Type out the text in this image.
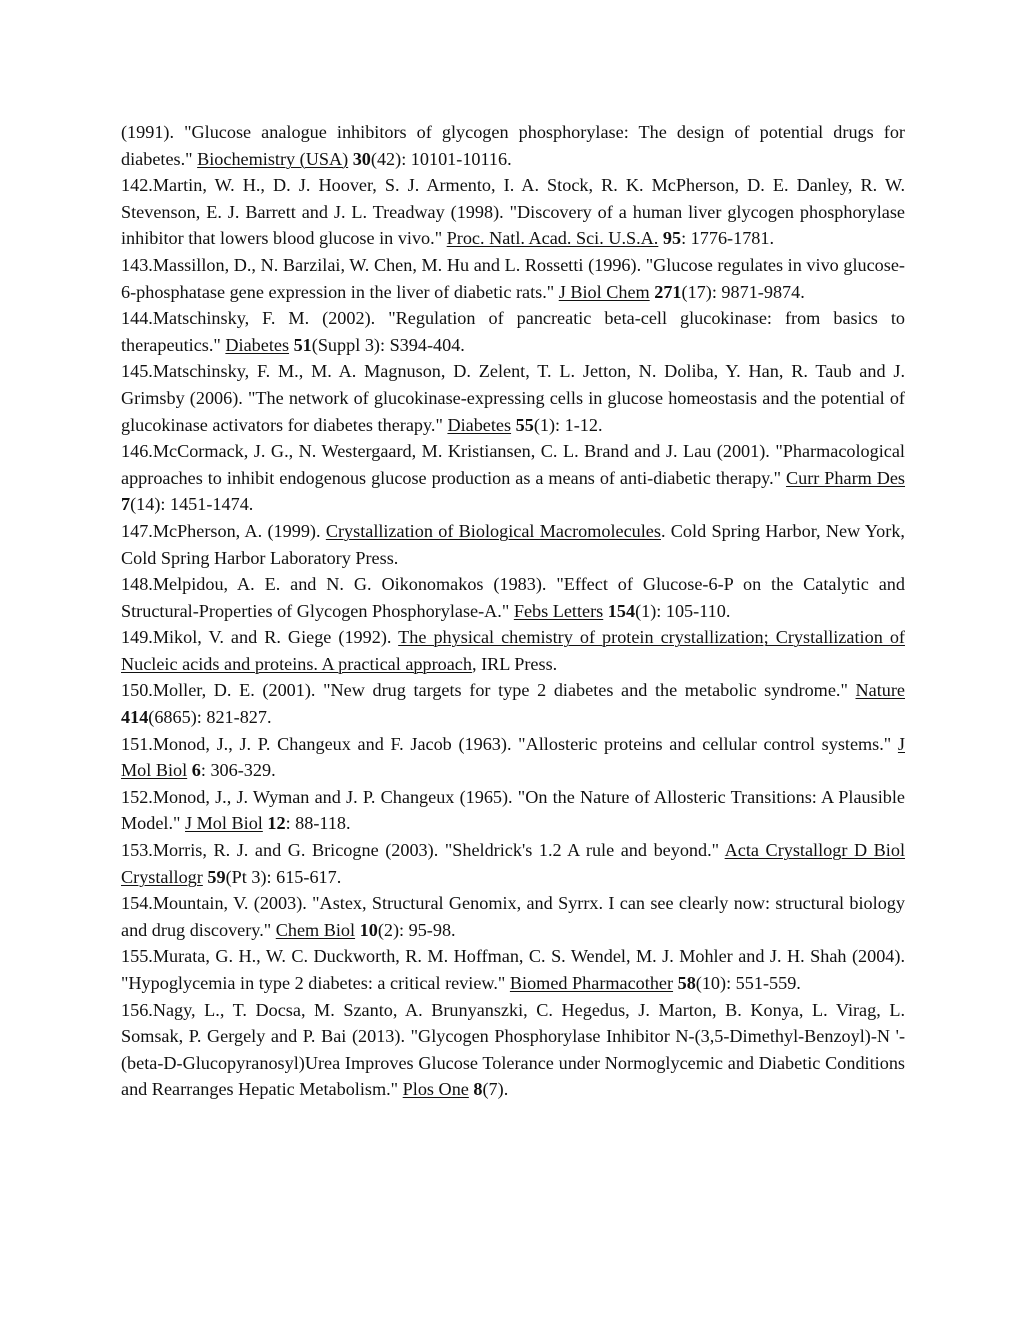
(1991). "Glucose analogue inhibitors of glycogen phosphorylase: The design of potential drugs for diabetes." Biochemistry (USA) 30(42): 10101-10116.

142.Martin, W. H., D. J. Hoover, S. J. Armento, I. A. Stock, R. K. McPherson, D. E. Danley, R. W. Stevenson, E. J. Barrett and J. L. Treadway (1998). "Discovery of a human liver glycogen phosphorylase inhibitor that lowers blood glucose in vivo." Proc. Natl. Acad. Sci. U.S.A. 95: 1776-1781.

143.Massillon, D., N. Barzilai, W. Chen, M. Hu and L. Rossetti (1996). "Glucose regulates in vivo glucose-6-phosphatase gene expression in the liver of diabetic rats." J Biol Chem 271(17): 9871-9874.

144.Matschinsky, F. M. (2002). "Regulation of pancreatic beta-cell glucokinase: from basics to therapeutics." Diabetes 51(Suppl 3): S394-404.

145.Matschinsky, F. M., M. A. Magnuson, D. Zelent, T. L. Jetton, N. Doliba, Y. Han, R. Taub and J. Grimsby (2006). "The network of glucokinase-expressing cells in glucose homeostasis and the potential of glucokinase activators for diabetes therapy." Diabetes 55(1): 1-12.

146.McCormack, J. G., N. Westergaard, M. Kristiansen, C. L. Brand and J. Lau (2001). "Pharmacological approaches to inhibit endogenous glucose production as a means of anti-diabetic therapy." Curr Pharm Des 7(14): 1451-1474.

147.McPherson, A. (1999). Crystallization of Biological Macromolecules. Cold Spring Harbor, New York, Cold Spring Harbor Laboratory Press.

148.Melpidou, A. E. and N. G. Oikonomakos (1983). "Effect of Glucose-6-P on the Catalytic and Structural-Properties of Glycogen Phosphorylase-A." Febs Letters 154(1): 105-110.

149.Mikol, V. and R. Giege (1992). The physical chemistry of protein crystallization; Crystallization of Nucleic acids and proteins. A practical approach, IRL Press.

150.Moller, D. E. (2001). "New drug targets for type 2 diabetes and the metabolic syndrome." Nature 414(6865): 821-827.

151.Monod, J., J. P. Changeux and F. Jacob (1963). "Allosteric proteins and cellular control systems." J Mol Biol 6: 306-329.

152.Monod, J., J. Wyman and J. P. Changeux (1965). "On the Nature of Allosteric Transitions: A Plausible Model." J Mol Biol 12: 88-118.

153.Morris, R. J. and G. Bricogne (2003). "Sheldrick's 1.2 A rule and beyond." Acta Crystallogr D Biol Crystallogr 59(Pt 3): 615-617.

154.Mountain, V. (2003). "Astex, Structural Genomix, and Syrrx. I can see clearly now: structural biology and drug discovery." Chem Biol 10(2): 95-98.

155.Murata, G. H., W. C. Duckworth, R. M. Hoffman, C. S. Wendel, M. J. Mohler and J. H. Shah (2004). "Hypoglycemia in type 2 diabetes: a critical review." Biomed Pharmacother 58(10): 551-559.

156.Nagy, L., T. Docsa, M. Szanto, A. Brunyanszki, C. Hegedus, J. Marton, B. Konya, L. Virag, L. Somsak, P. Gergely and P. Bai (2013). "Glycogen Phosphorylase Inhibitor N-(3,5-Dimethyl-Benzoyl)-N '-(beta-D-Glucopyranosyl)Urea Improves Glucose Tolerance under Normoglycemic and Diabetic Conditions and Rearranges Hepatic Metabolism." Plos One 8(7).
